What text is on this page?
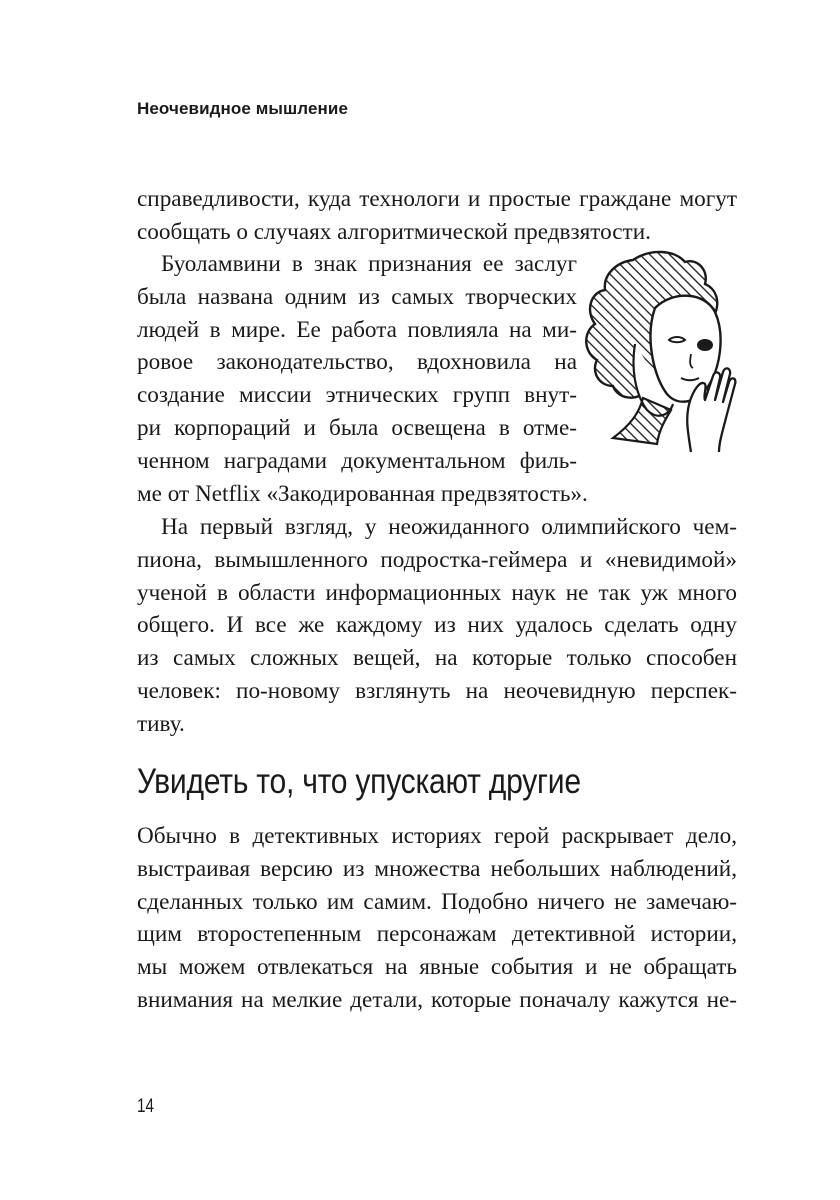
Неочевидное мышление
справедливости, куда технологи и простые граждане могут
сообщать о случаях алгоритмической предвзятости.
Буоламвини в знак признания ее заслуг
была названа одним из самых творческих
людей в мире. Ее работа повлияла на ми-
ровое законодательство, вдохновила на
создание миссии этнических групп внут-
ри корпораций и была освещена в отме-
ченном наградами документальном филь-
ме от Netflix «Закодированная предвзятость».
На первый взгляд, у неожиданного олимпийского чем-
пиона, вымышленного подростка-геймера и «невидимой»
ученой в области информационных наук не так уж много
общего. И все же каждому из них удалось сделать одну
из самых сложных вещей, на которые только способен
человек: по-новому взглянуть на неочевидную перспек-
тиву.
Увидеть то, что упускают другие
Обычно в детективных историях герой раскрывает дело,
выстраивая версию из множества небольших наблюдений,
сделанных только им самим. Подобно ничего не замечаю-
щим второстепенным персонажам детективной истории,
мы можем отвлекаться на явные события и не обращать
внимания на мелкие детали, которые поначалу кажутся не-
14
